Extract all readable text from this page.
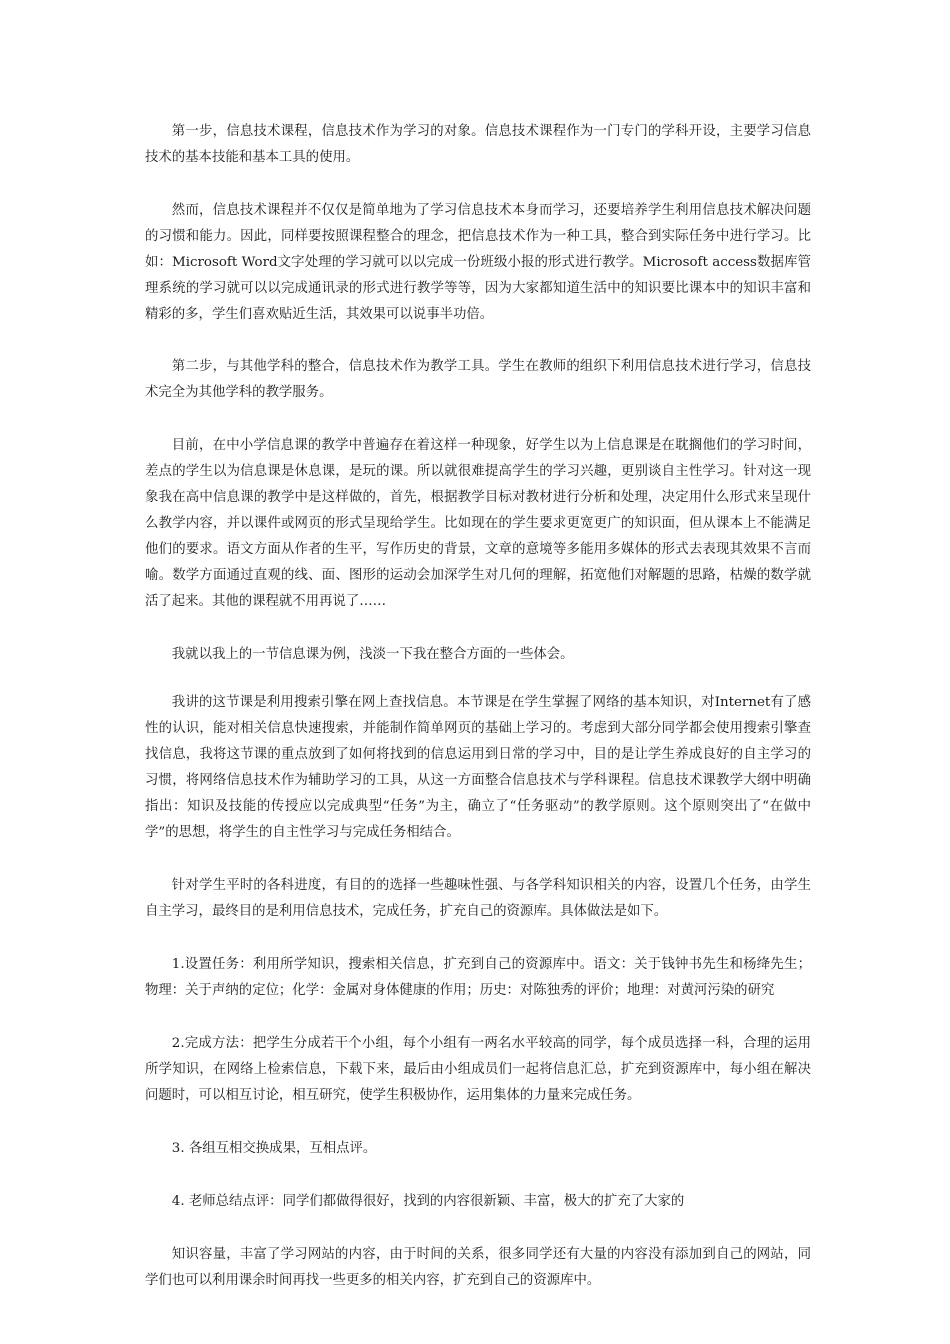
第一步，信息技术课程，信息技术作为学习的对象。信息技术课程作为一门专门的学科开设，主要学习信息技术的基本技能和基本工具的使用。

然而，信息技术课程并不仅仅是简单地为了学习信息技术本身而学习，还要培养学生利用信息技术解决问题的习惯和能力。因此，同样要按照课程整合的理念，把信息技术作为一种工具，整合到实际任务中进行学习。比如：Microsoft Word文字处理的学习就可以以完成一份班级小报的形式进行教学。Microsoft access数据库管理系统的学习就可以以完成通讯录的形式进行教学等等，因为大家都知道生活中的知识要比课本中的知识丰富和精彩的多，学生们喜欢贴近生活，其效果可以说事半功倍。

第二步，与其他学科的整合，信息技术作为教学工具。学生在教师的组织下利用信息技术进行学习，信息技术完全为其他学科的教学服务。

目前，在中小学信息课的教学中普遍存在着这样一种现象，好学生以为上信息课是在耽搁他们的学习时间，差点的学生以为信息课是休息课，是玩的课。所以就很难提高学生的学习兴趣，更别谈自主性学习。针对这一现象我在高中信息课的教学中是这样做的，首先，根据教学目标对教材进行分析和处理，决定用什么形式来呈现什么教学内容，并以课件或网页的形式呈现给学生。比如现在的学生要求更宽更广的知识面，但从课本上不能满足他们的要求。语文方面从作者的生平，写作历史的背景，文章的意境等多能用多媒体的形式去表现其效果不言而喻。数学方面通过直观的线、面、图形的运动会加深学生对几何的理解，拓宽他们对解题的思路，枯燥的数学就活了起来。其他的课程就不用再说了……

我就以我上的一节信息课为例，浅淡一下我在整合方面的一些体会。

我讲的这节课是利用搜索引擎在网上查找信息。本节课是在学生掌握了网络的基本知识，对Internet有了感性的认识，能对相关信息快速搜索，并能制作简单网页的基础上学习的。考虑到大部分同学都会使用搜索引擎查找信息，我将这节课的重点放到了如何将找到的信息运用到日常的学习中，目的是让学生养成良好的自主学习的习惯，将网络信息技术作为辅助学习的工具，从这一方面整合信息技术与学科课程。信息技术课教学大纲中明确指出：知识及技能的传授应以完成典型“任务”为主，确立了“任务驱动”的教学原则。这个原则突出了“在做中学”的思想，将学生的自主性学习与完成任务相结合。

针对学生平时的各科进度，有目的的选择一些趣味性强、与各学科知识相关的内容，设置几个任务，由学生自主学习，最终目的是利用信息技术，完成任务，扩充自己的资源库。具体做法是如下。

1.设置任务：利用所学知识，搜索相关信息，扩充到自己的资源库中。语文：关于钱钟书先生和杨绛先生；物理：关于声纳的定位；化学：金属对身体健康的作用；历史：对陈独秀的评价；地理：对黄河污染的研究

2.完成方法：把学生分成若干个小组，每个小组有一两名水平较高的同学，每个成员选择一科，合理的运用所学知识，在网络上检索信息，下载下来，最后由小组成员们一起将信息汇总，扩充到资源库中，每小组在解决问题时，可以相互讨论，相互研究，使学生积极协作，运用集体的力量来完成任务。

3. 各组互相交换成果，互相点评。

4. 老师总结点评：同学们都做得很好，找到的内容很新颖、丰富，极大的扩充了大家的

知识容量，丰富了学习网站的内容，由于时间的关系，很多同学还有大量的内容没有添加到自己的网站，同学们也可以利用课余时间再找一些更多的相关内容，扩充到自己的资源库中。
